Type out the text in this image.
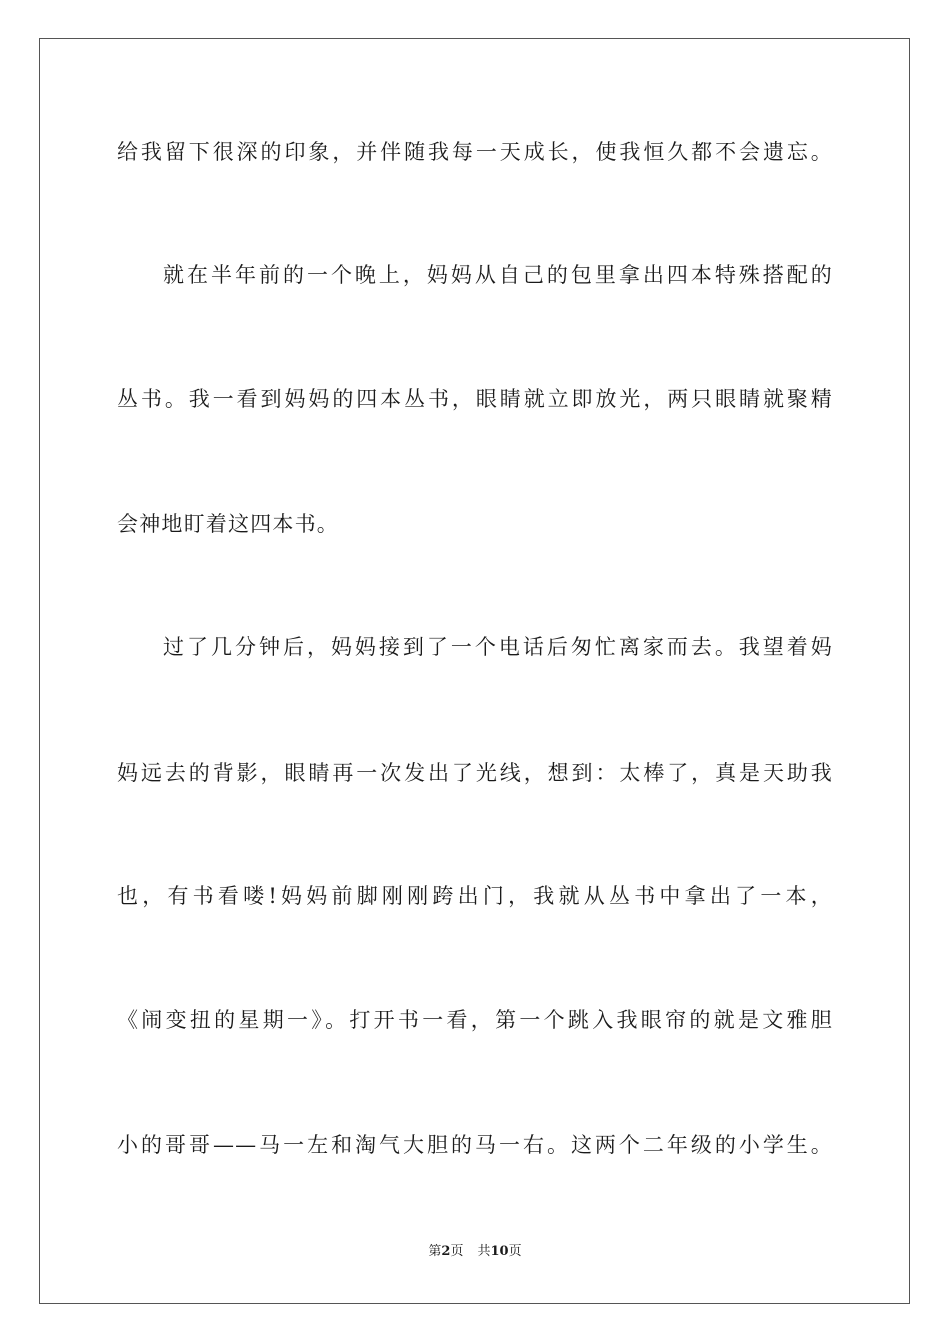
给我留下很深的印象，并伴随我每一天成长，使我恒久都不会遗忘。
就在半年前的一个晚上，妈妈从自己的包里拿出四本特殊搭配的
丛书。我一看到妈妈的四本丛书，眼睛就立即放光，两只眼睛就聚精
会神地盯着这四本书。
过了几分钟后，妈妈接到了一个电话后匆忙离家而去。我望着妈
妈远去的背影，眼睛再一次发出了光线，想到：太棒了，真是天助我
也，有书看喽!妈妈前脚刚刚跨出门，我就从丛书中拿出了一本，
《闹变扭的星期一》。打开书一看，第一个跳入我眼帘的就是文雅胆
小的哥哥——马一左和淘气大胆的马一右。这两个二年级的小学生。
第2页 共10页
